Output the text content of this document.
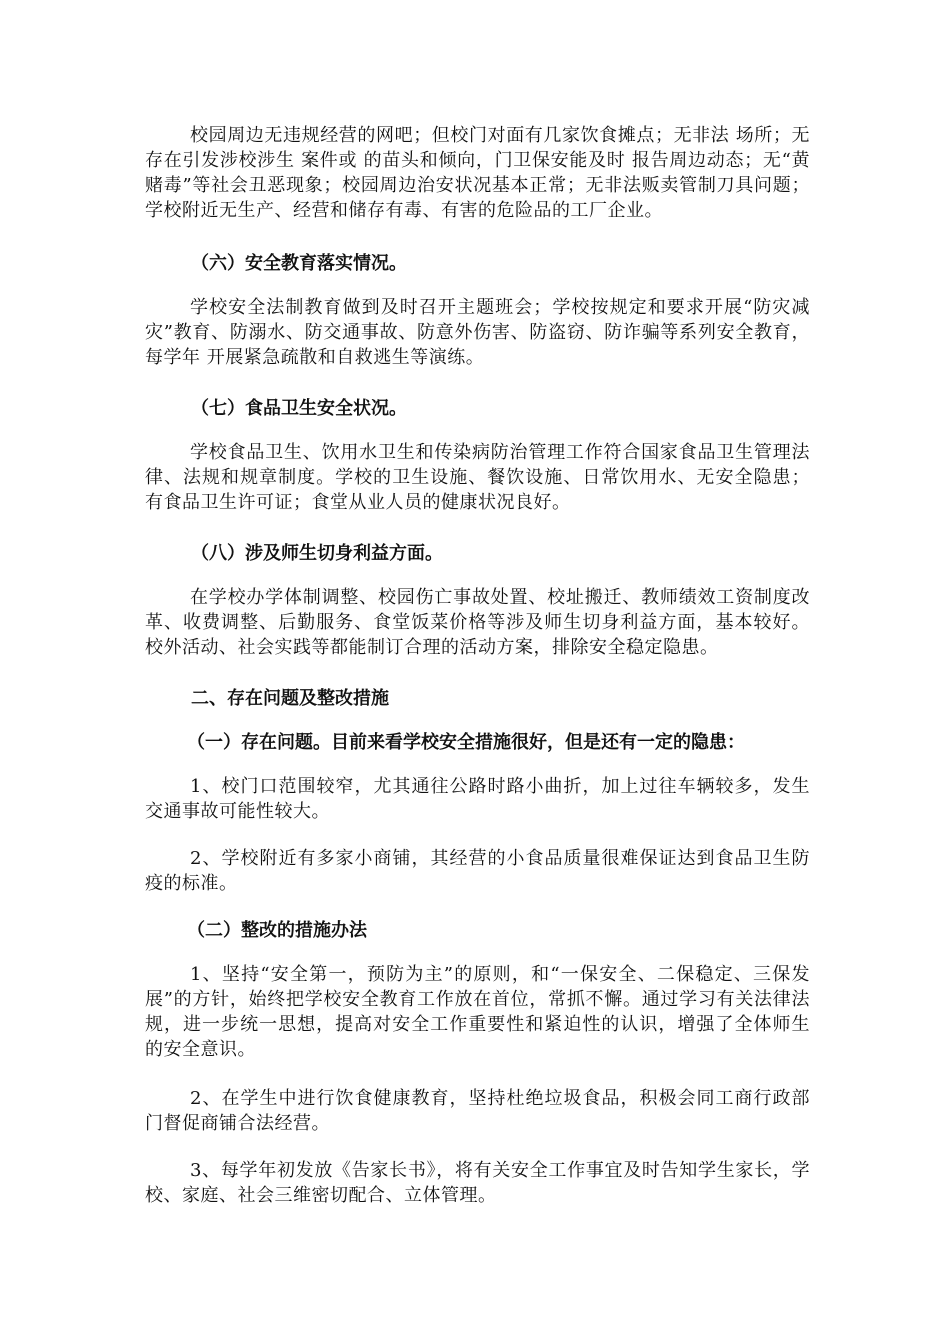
校园周边无违规经营的网吧；但校门对面有几家饮食摊点；无非法 场所；无存在引发涉校涉生 案件或 的苗头和倾向，门卫保安能及时 报告周边动态；无“黄赌毒”等社会丑恶现象；校园周边治安状况基本正常；无非法贩卖管制刀具问题；学校附近无生产、经营和储存有毒、有害的危险品的工厂企业。

（六）安全教育落实情况。

学校安全法制教育做到及时召开主题班会；学校按规定和要求开展“防灾减灾”教育、防溺水、防交通事故、防意外伤害、防盗窃、防诈骗等系列安全教育，每学年 开展紧急疏散和自救逃生等演练。

（七）食品卫生安全状况。

学校食品卫生、饮用水卫生和传染病防治管理工作符合国家食品卫生管理法律、法规和规章制度。学校的卫生设施、餐饮设施、日常饮用水、无安全隐患；有食品卫生许可证；食堂从业人员的健康状况良好。

（八）涉及师生切身利益方面。

在学校办学体制调整、校园伤亡事故处置、校址搬迁、教师绩效工资制度改革、收费调整、后勤服务、食堂饭菜价格等涉及师生切身利益方面，基本较好。校外活动、社会实践等都能制订合理的活动方案，排除安全稳定隐患。

二、存在问题及整改措施

（一）存在问题。目前来看学校安全措施很好，但是还有一定的隐患：

1、校门口范围较窄，尤其通往公路时路小曲折，加上过往车辆较多，发生交通事故可能性较大。

2、学校附近有多家小商铺，其经营的小食品质量很难保证达到食品卫生防疫的标准。

（二）整改的措施办法

1、坚持“安全第一，预防为主”的原则，和“一保安全、二保稳定、三保发展”的方针，始终把学校安全教育工作放在首位，常抓不懈。通过学习有关法律法规，进一步统一思想，提高对安全工作重要性和紧迫性的认识，增强了全体师生的安全意识。

2、在学生中进行饮食健康教育，坚持杜绝垃圾食品，积极会同工商行政部门督促商铺合法经营。

3、每学年初发放《告家长书》，将有关安全工作事宜及时告知学生家长，学校、家庭、社会三维密切配合、立体管理。
